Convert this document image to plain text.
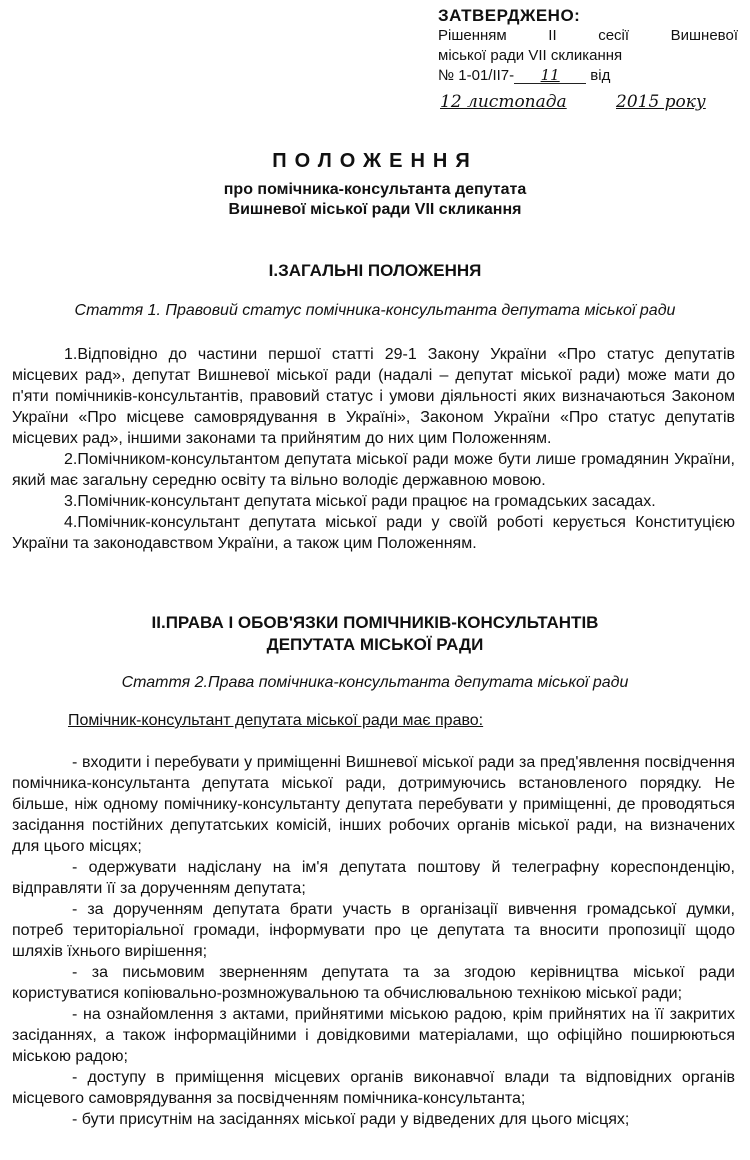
ЗАТВЕРДЖЕНО:
Рішенням	ІІ	сесії	Вишневої
міської ради VII скликання
№ 1-01/II7- 11 від
12 листопада	2015 року
ПОЛОЖЕННЯ
про помічника-консультанта депутата
Вишневої міської ради VII скликання
I.ЗАГАЛЬНІ ПОЛОЖЕННЯ
Стаття 1. Правовий статус помічника-консультанта депутата міської ради

1.Відповідно до частини першої статті 29-1 Закону України «Про статус депутатів місцевих рад», депутат Вишневої міської ради (надалі – депутат міської ради) може мати до п'яти помічників-консультантів, правовий статус і умови діяльності яких визначаються Законом України «Про місцеве самоврядування в Україні», Законом України «Про статус депутатів місцевих рад», іншими законами та прийнятим до них цим Положенням.

2.Помічником-консультантом депутата міської ради може бути лише громадянин України, який має загальну середню освіту та вільно володіє державною мовою.

3.Помічник-консультант депутата міської ради працює на громадських засадах.

4.Помічник-консультант депутата міської ради у своїй роботі керується Конституцією України та законодавством України, а також цим Положенням.

II.ПРАВА І ОБОВ'ЯЗКИ ПОМІЧНИКІВ-КОНСУЛЬТАНТІВ
ДЕПУТАТА МІСЬКОЇ РАДИ
Стаття 2.Права помічника-консультанта депутата міської ради
Помічник-консультант депутата міської ради має право:

- входити і перебувати у приміщенні Вишневої міської ради за пред'явлення посвідчення помічника-консультанта депутата міської ради, дотримуючись встановленого порядку. Не більше, ніж одному помічнику-консультанту депутата перебувати у приміщенні, де проводяться засідання постійних депутатських комісій, інших робочих органів міської ради, на визначених для цього місцях;

- одержувати надіслану на ім'я депутата поштову й телеграфну кореспонденцію, відправляти її за дорученням депутата;

- за дорученням депутата брати участь в організації вивчення громадської думки, потреб територіальної громади, інформувати про це депутата та вносити пропозиції щодо шляхів їхнього вирішення;

- за письмовим зверненням депутата та за згодою керівництва міської ради користуватися копіювально-розмножувальною та обчислювальною технікою міської ради;

- на ознайомлення з актами, прийнятими міською радою, крім прийнятих на її закритих засіданнях, а також інформаційними і довідковими матеріалами, що офіційно поширюються міською радою;

- доступу в приміщення місцевих органів виконавчої влади та відповідних органів місцевого самоврядування за посвідченням помічника-консультанта;

- бути присутнім на засіданнях міської ради у відведених для цього місцях;
